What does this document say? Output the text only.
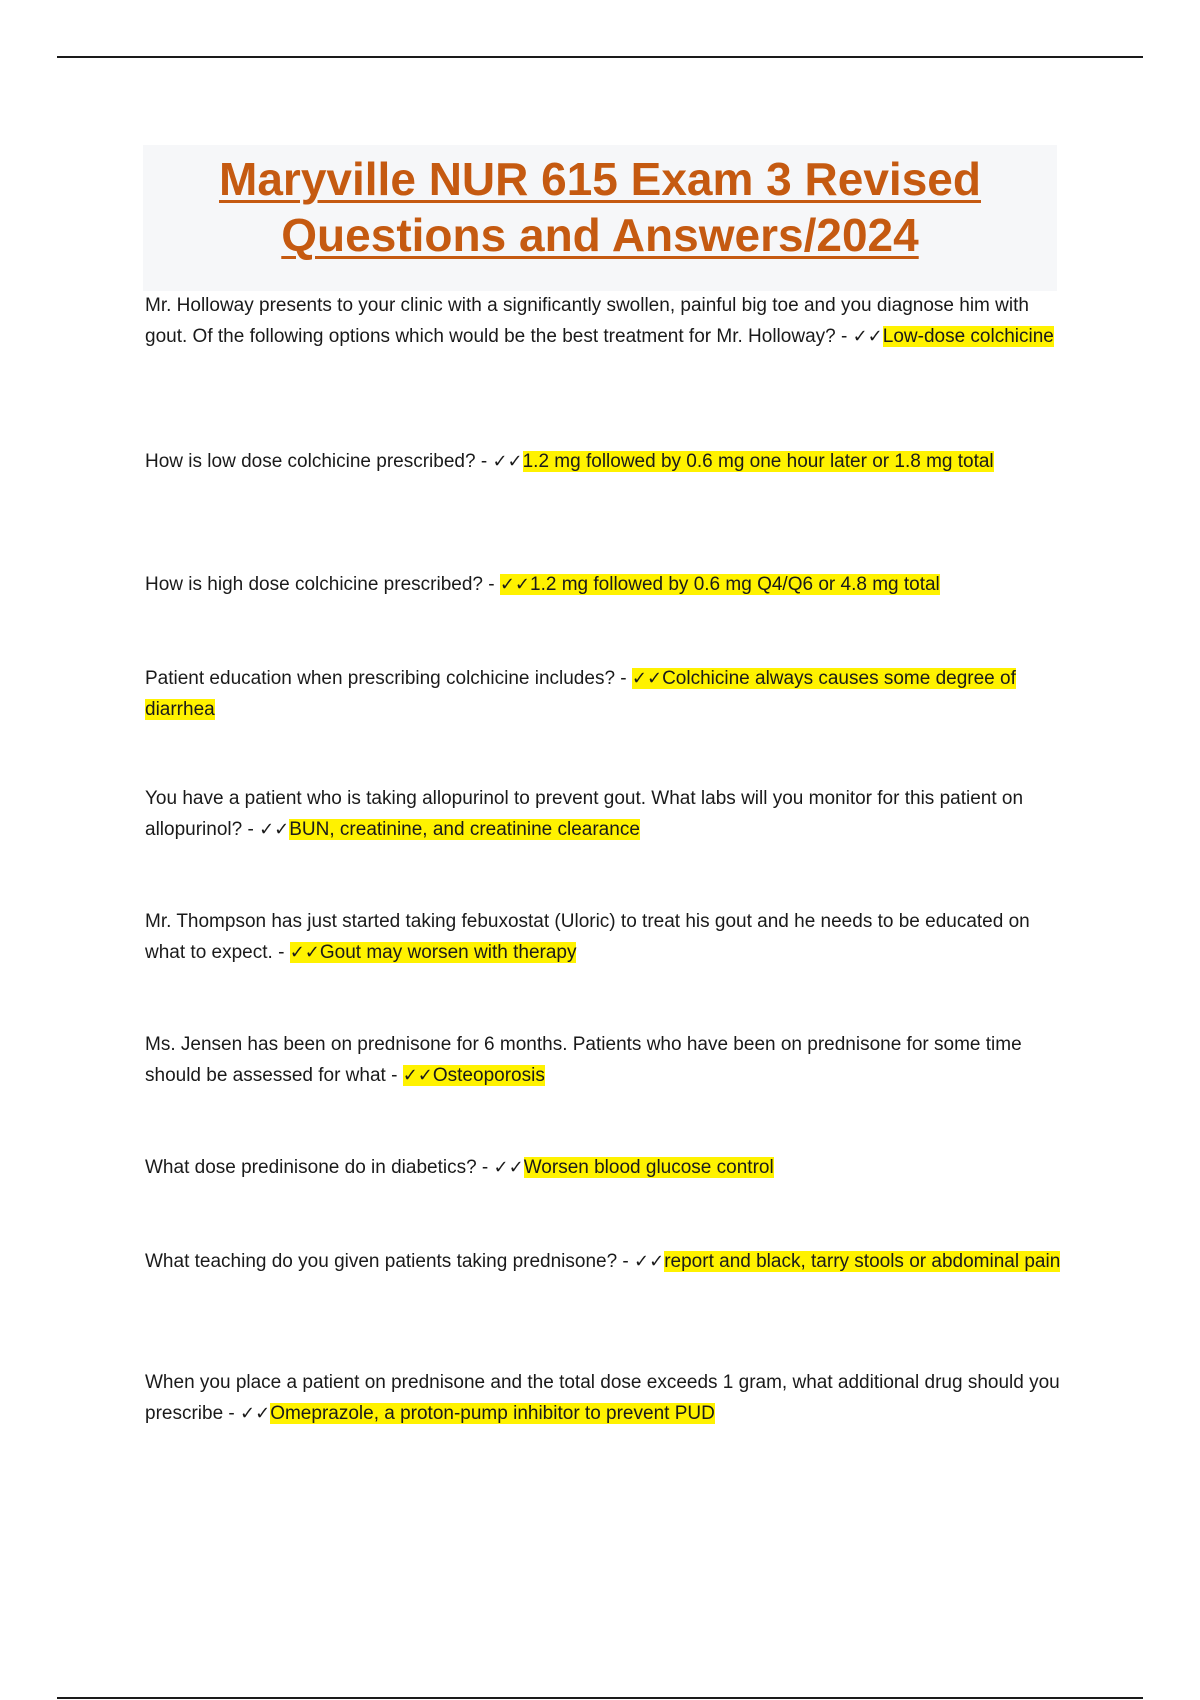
Maryville NUR 615 Exam 3 Revised
Questions and Answers/2024

Mr. Holloway presents to your clinic with a significantly swollen, painful big toe and you diagnose him with gout. Of the following options which would be the best treatment for Mr. Holloway? - ✓✓Low-dose colchicine

How is low dose colchicine prescribed? - ✓✓1.2 mg followed by 0.6 mg one hour later or 1.8 mg total

How is high dose colchicine prescribed? - ✓✓1.2 mg followed by 0.6 mg Q4/Q6 or 4.8 mg total

Patient education when prescribing colchicine includes? - ✓✓Colchicine always causes some degree of diarrhea

You have a patient who is taking allopurinol to prevent gout. What labs will you monitor for this patient on allopurinol? - ✓✓BUN, creatinine, and creatinine clearance

Mr. Thompson has just started taking febuxostat (Uloric) to treat his gout and he needs to be educated on what to expect. - ✓✓Gout may worsen with therapy

Ms. Jensen has been on prednisone for 6 months. Patients who have been on prednisone for some time should be assessed for what - ✓✓Osteoporosis

What dose predinisone do in diabetics? - ✓✓Worsen blood glucose control

What teaching do you given patients taking prednisone? - ✓✓report and black, tarry stools or abdominal pain

When you place a patient on prednisone and the total dose exceeds 1 gram, what additional drug should you prescribe - ✓✓Omeprazole, a proton-pump inhibitor to prevent PUD
